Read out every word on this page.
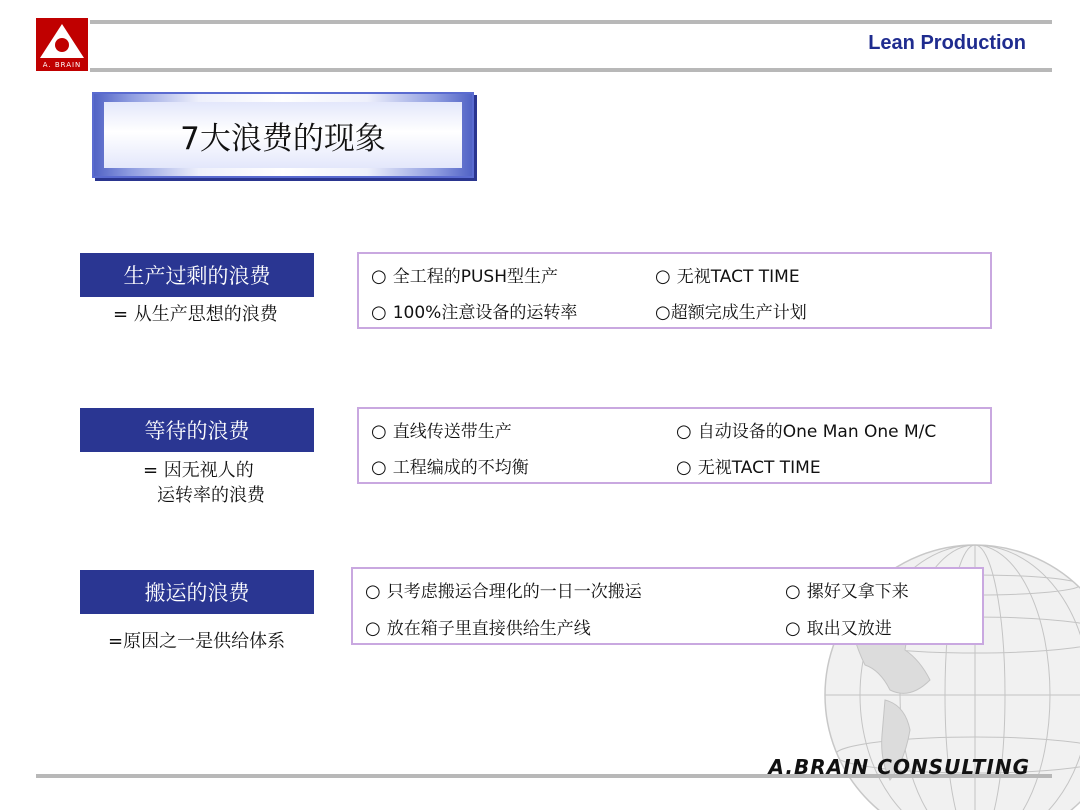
A. BRAIN
Lean Production
7大浪费的现象
生产过剩的浪费
= 从生产思想的浪费
○ 全工程的PUSH型生产	○ 无视TACT TIME
○ 100%注意设备的运转率	○超额完成生产计划
等待的浪费
= 因无视人的
运转率的浪费
○ 直线传送带生产	○ 自动设备的One Man One M/C
○ 工程编成的不均衡	○ 无视TACT TIME
搬运的浪费
=原因之一是供给体系
○ 只考虑搬运合理化的一日一次搬运	○ 摞好又拿下来
○ 放在箱子里直接供给生产线	○ 取出又放进
A.BRAIN CONSULTING
